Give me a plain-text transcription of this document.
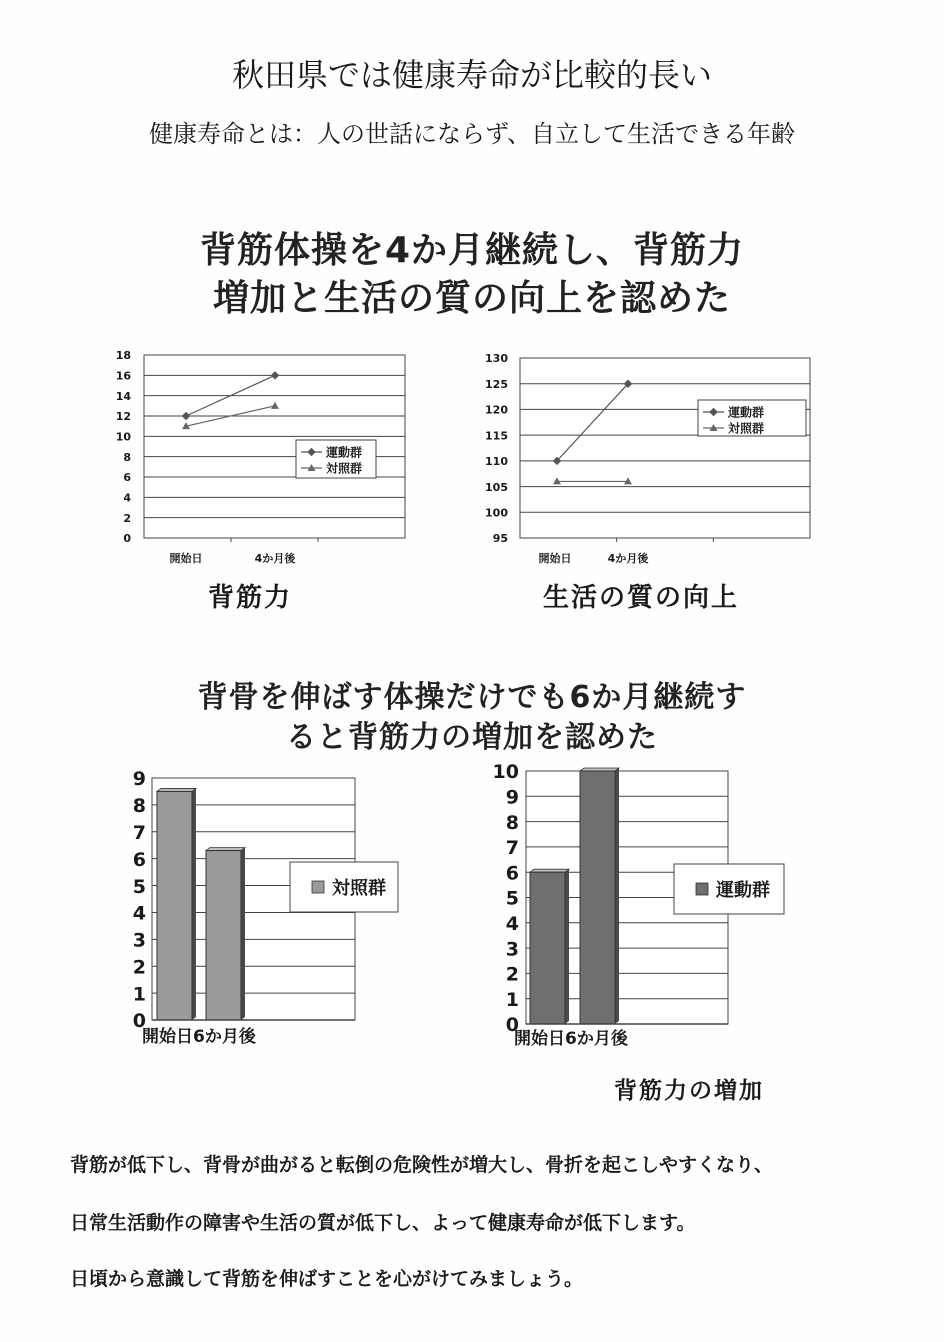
秋田県では健康寿命が比較的長い
健康寿命とは：人の世話にならず、自立して生活できる年齢
背筋体操を4か月継続し、背筋力
増加と生活の質の向上を認めた
背筋力	生活の質の向上
背骨を伸ばす体操だけでも6か月継続す
ると背筋力の増加を認めた
背筋力の増加
背筋が低下し、背骨が曲がると転倒の危険性が増大し、骨折を起こしやすくなり、
日常生活動作の障害や生活の質が低下し、よって健康寿命が低下します。
日頃から意識して背筋を伸ばすことを心がけてみましょう。
0
2
4
6
8
10
12
14
16
18
開始日	4か月後
運動群
対照群
95
100
105
110
115
120
125
130
開始日	4か月後
運動群
対照群
0
1
2
3
4
5
6
7
8
9
開始日6か月後
対照群
0
1
2
3
4
5
6
7
8
9
10
開始日6か月後
運動群
